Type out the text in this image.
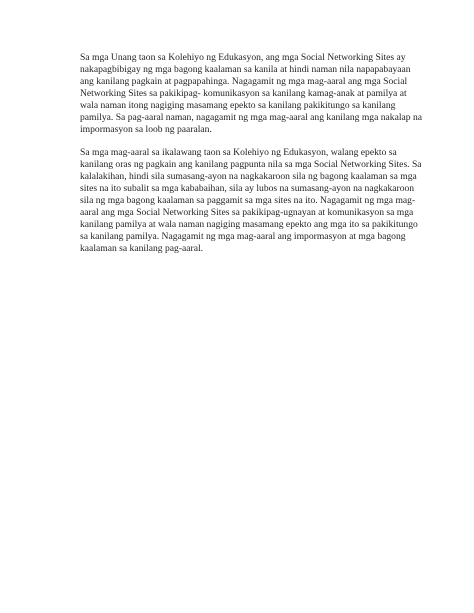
Sa mga Unang taon sa Kolehiyo ng Edukasyon, ang mga Social Networking Sites ay
nakapagbibigay ng mga bagong kaalaman sa kanila at hindi naman nila napapabayaan
ang kanilang pagkain at pagpapahinga. Nagagamit ng mga mag-aaral ang mga Social
Networking Sites sa pakikipag- komunikasyon sa kanilang kamag-anak at pamilya at
wala naman itong nagiging masamang epekto sa kanilang pakikitungo sa kanilang
pamilya. Sa pag-aaral naman, nagagamit ng mga mag-aaral ang kanilang mga nakalap na
impormasyon sa loob ng paaralan.

Sa mga mag-aaral sa ikalawang taon sa Kolehiyo ng Edukasyon, walang epekto sa
kanilang oras ng pagkain ang kanilang pagpunta nila sa mga Social Networking Sites. Sa
kalalakihan, hindi sila sumasang-ayon na nagkakaroon sila ng bagong kaalaman sa mga
sites na ito subalit sa mga kababaihan, sila ay lubos na sumasang-ayon na nagkakaroon
sila ng mga bagong kaalaman sa paggamit sa mga sites na ito. Nagagamit ng mga mag-
aaral ang mga Social Networking Sites sa pakikipag-ugnayan at komunikasyon sa mga
kanilang pamilya at wala naman nagiging masamang epekto ang mga ito sa pakikitungo
sa kanilang pamilya. Nagagamit ng mga mag-aaral ang impormasyon at mga bagong
kaalaman sa kanilang pag-aaral.
